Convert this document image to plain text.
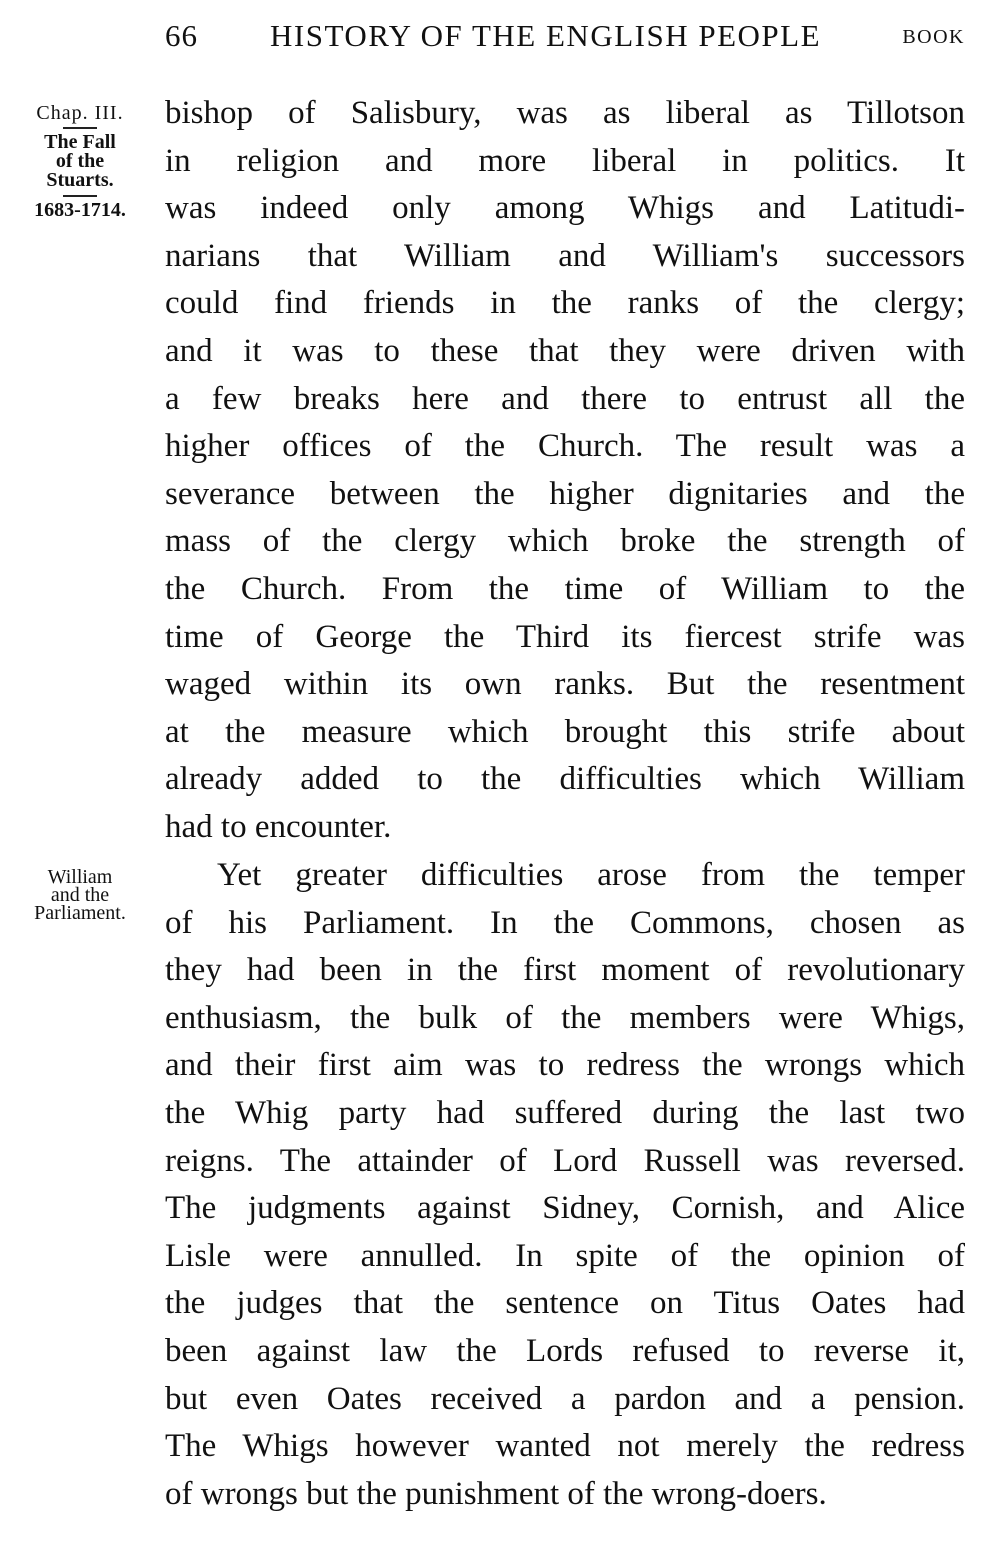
66 HISTORY OF THE ENGLISH PEOPLE	BOOK
Chap. III.
The Fall
of the
Stuarts.
1683-1714.
William
and the
Parliament.
bishop of Salisbury, was as liberal as Tillotson
in religion and more liberal in politics. It
was indeed only among Whigs and Latitudi-
narians that William and William's successors
could find friends in the ranks of the clergy;
and it was to these that they were driven with
a few breaks here and there to entrust all the
higher offices of the Church. The result was a
severance between the higher dignitaries and the
mass of the clergy which broke the strength of
the Church. From the time of William to the
time of George the Third its fiercest strife was
waged within its own ranks. But the resentment
at the measure which brought this strife about
already added to the difficulties which William
had to encounter.
Yet greater difficulties arose from the temper
of his Parliament. In the Commons, chosen as
they had been in the first moment of revolutionary
enthusiasm, the bulk of the members were Whigs,
and their first aim was to redress the wrongs which
the Whig party had suffered during the last two
reigns. The attainder of Lord Russell was reversed.
The judgments against Sidney, Cornish, and Alice
Lisle were annulled. In spite of the opinion of
the judges that the sentence on Titus Oates had
been against law the Lords refused to reverse it,
but even Oates received a pardon and a pension.
The Whigs however wanted not merely the redress
of wrongs but the punishment of the wrong-doers.
